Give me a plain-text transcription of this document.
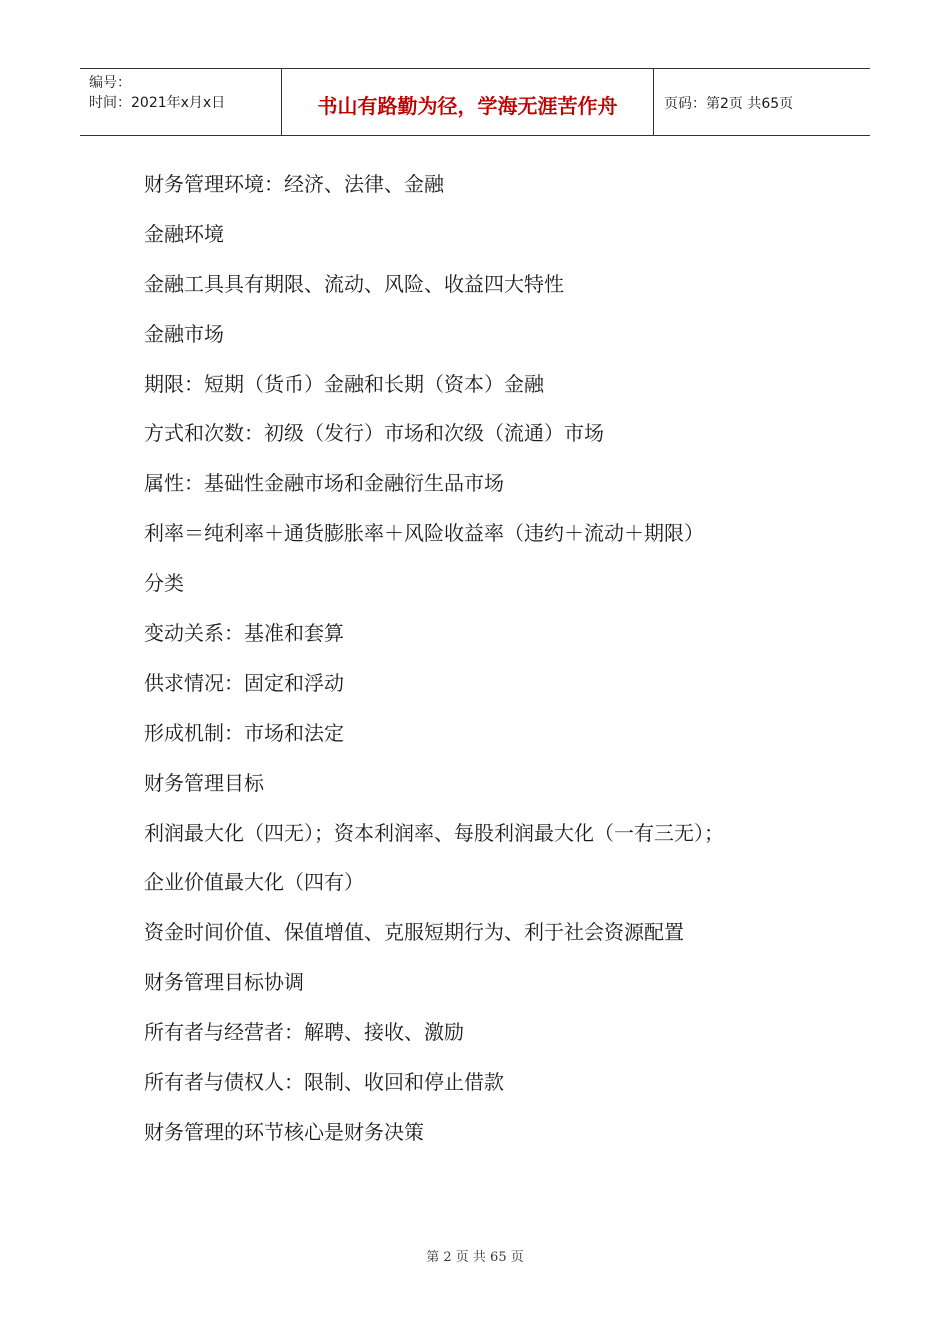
编号：
时间：2021年x月x日	书山有路勤为径，学海无涯苦作舟	页码：第2页 共65页
财务管理环境：经济、法律、金融
金融环境
金融工具具有期限、流动、风险、收益四大特性
金融市场
期限：短期（货币）金融和长期（资本）金融
方式和次数：初级（发行）市场和次级（流通）市场
属性：基础性金融市场和金融衍生品市场
利率＝纯利率＋通货膨胀率＋风险收益率（违约＋流动＋期限）
分类
变动关系：基准和套算
供求情况：固定和浮动
形成机制：市场和法定
财务管理目标
利润最大化（四无）；资本利润率、每股利润最大化（一有三无）；
企业价值最大化（四有）
资金时间价值、保值增值、克服短期行为、利于社会资源配置
财务管理目标协调
所有者与经营者：解聘、接收、激励
所有者与债权人：限制、收回和停止借款
财务管理的环节核心是财务决策
第 2 页 共 65 页
